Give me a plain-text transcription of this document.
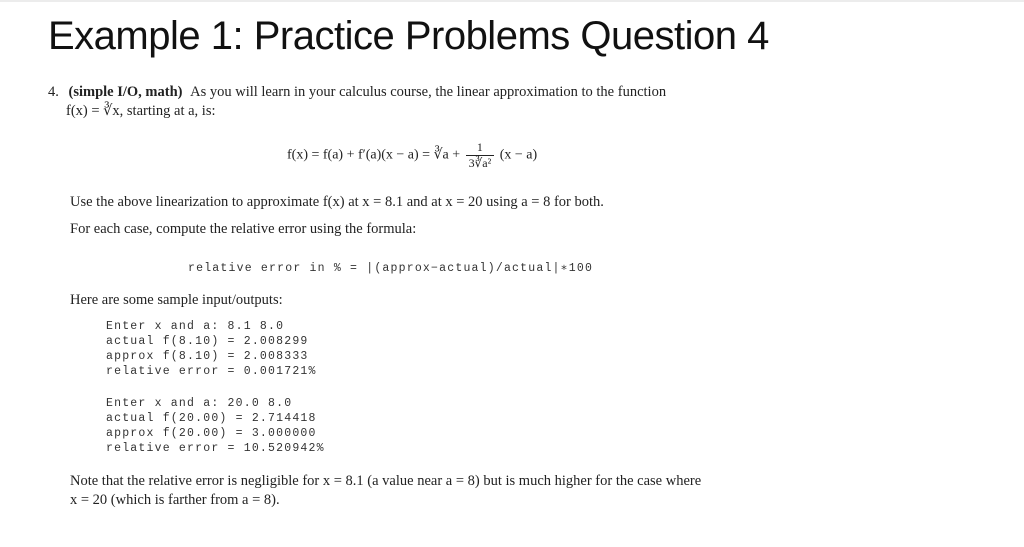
Example 1: Practice Problems Question 4
4. (simple I/O, math) As you will learn in your calculus course, the linear approximation to the function
f(x) = ∛x, starting at a, is:
f(x) = f(a) + f′(a)(x − a) = ∛a + $\frac{1}{\text{3∛a²}} (x - a)$
Use the above linearization to approximate f(x) at x = 8.1 and at x = 20 using a = 8 for both.
For each case, compute the relative error using the formula:
relative error in % = |(approx−actual)/actual|∗100
Here are some sample input/outputs:
Enter x and a: 8.1 8.0
actual f(8.10) = 2.008299
approx f(8.10) = 2.008333
relative error = 0.001721%
Enter x and a: 20.0 8.0
actual f(20.00) = 2.714418
approx f(20.00) = 3.000000
relative error = 10.520942%
Note that the relative error is negligible for x = 8.1 (a value near a = 8) but is much higher for the case where
x = 20 (which is farther from a = 8).
